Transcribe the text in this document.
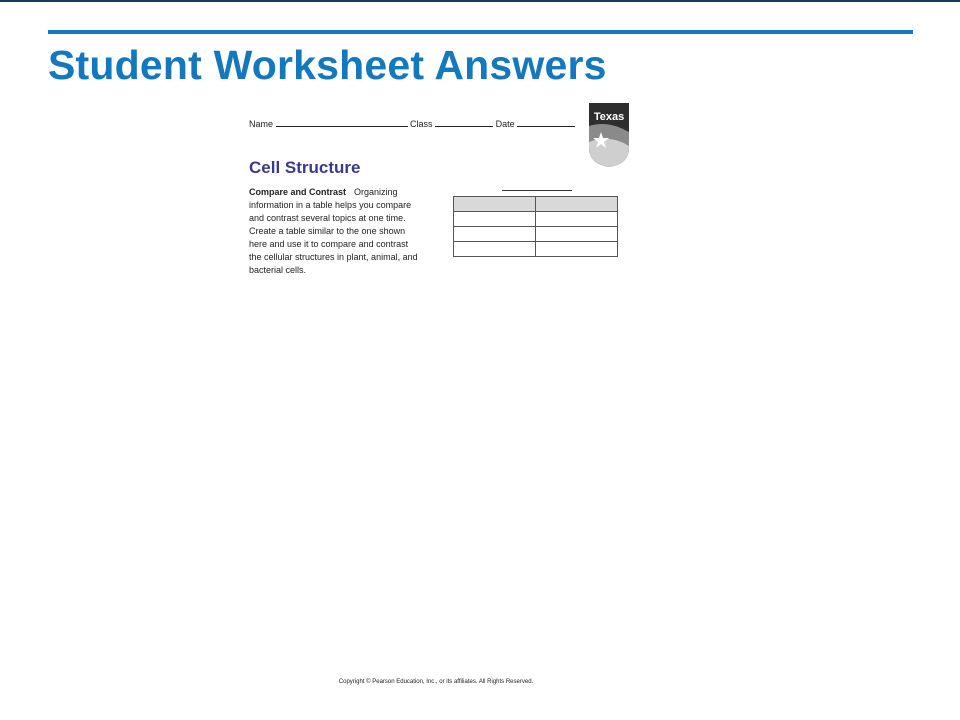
Student Worksheet Answers
Name	Class	Date
Texas
Cell Structure
Compare and Contrast Organizing information in a table helps you compare and contrast several topics at one time. Create a table similar to the one shown here and use it to compare and contrast the cellular structures in plant, animal, and bacterial cells.

Copyright © Pearson Education, Inc., or its affiliates. All Rights Reserved.
